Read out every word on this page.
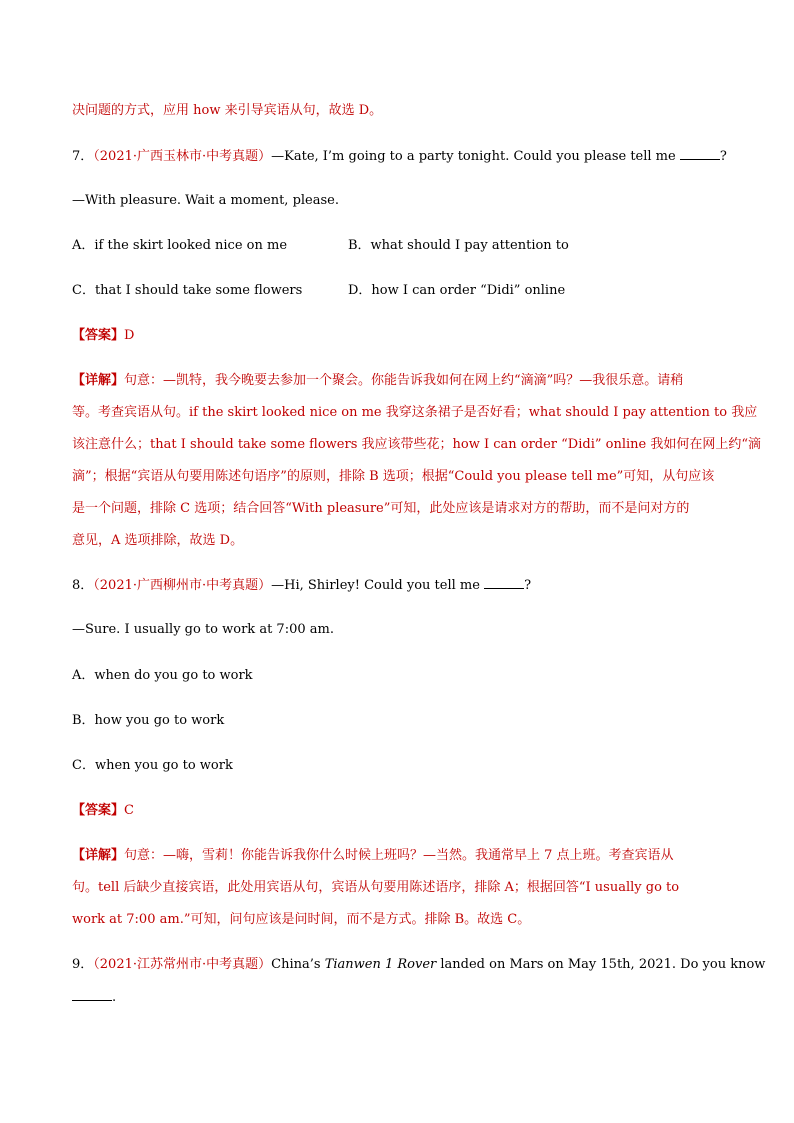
决问题的方式，应用 how 来引导宾语从句，故选 D。
7．（2021·广西玉林市·中考真题）—Kate, I’m going to a party tonight. Could you please tell me	?
—With pleasure. Wait a moment, please.
A．if the skirt looked nice on me	B．what should I pay attention to
C．that I should take some flowers	D．how I can order “Didi” online
【答案】D
【详解】句意：—凯特，我今晚要去参加一个聚会。你能告诉我如何在网上约“滴滴”吗？—我很乐意。请稍
等。考查宾语从句。if the skirt looked nice on me 我穿这条裙子是否好看；what should I pay attention to 我应
该注意什么；that I should take some flowers 我应该带些花；how I can order “Didi” online 我如何在网上约“滴
滴”；根据“宾语从句要用陈述句语序”的原则，排除 B 选项；根据“Could you please tell me”可知，从句应该
是一个问题，排除 C 选项；结合回答“With pleasure”可知，此处应该是请求对方的帮助，而不是问对方的
意见，A 选项排除，故选 D。
8．（2021·广西柳州市·中考真题）—Hi, Shirley! Could you tell me	?
—Sure. I usually go to work at 7:00 am.
A．when do you go to work
B．how you go to work
C．when you go to work
【答案】C
【详解】句意：—嗨，雪莉！你能告诉我你什么时候上班吗？—当然。我通常早上 7 点上班。考查宾语从
句。tell 后缺少直接宾语，此处用宾语从句，宾语从句要用陈述语序，排除 A；根据回答“I usually go to
work at 7:00 am.”可知，问句应该是问时间，而不是方式。排除 B。故选 C。
9．（2021·江苏常州市·中考真题）China’s Tianwen 1 Rover landed on Mars on May 15th, 2021. Do you know
.
